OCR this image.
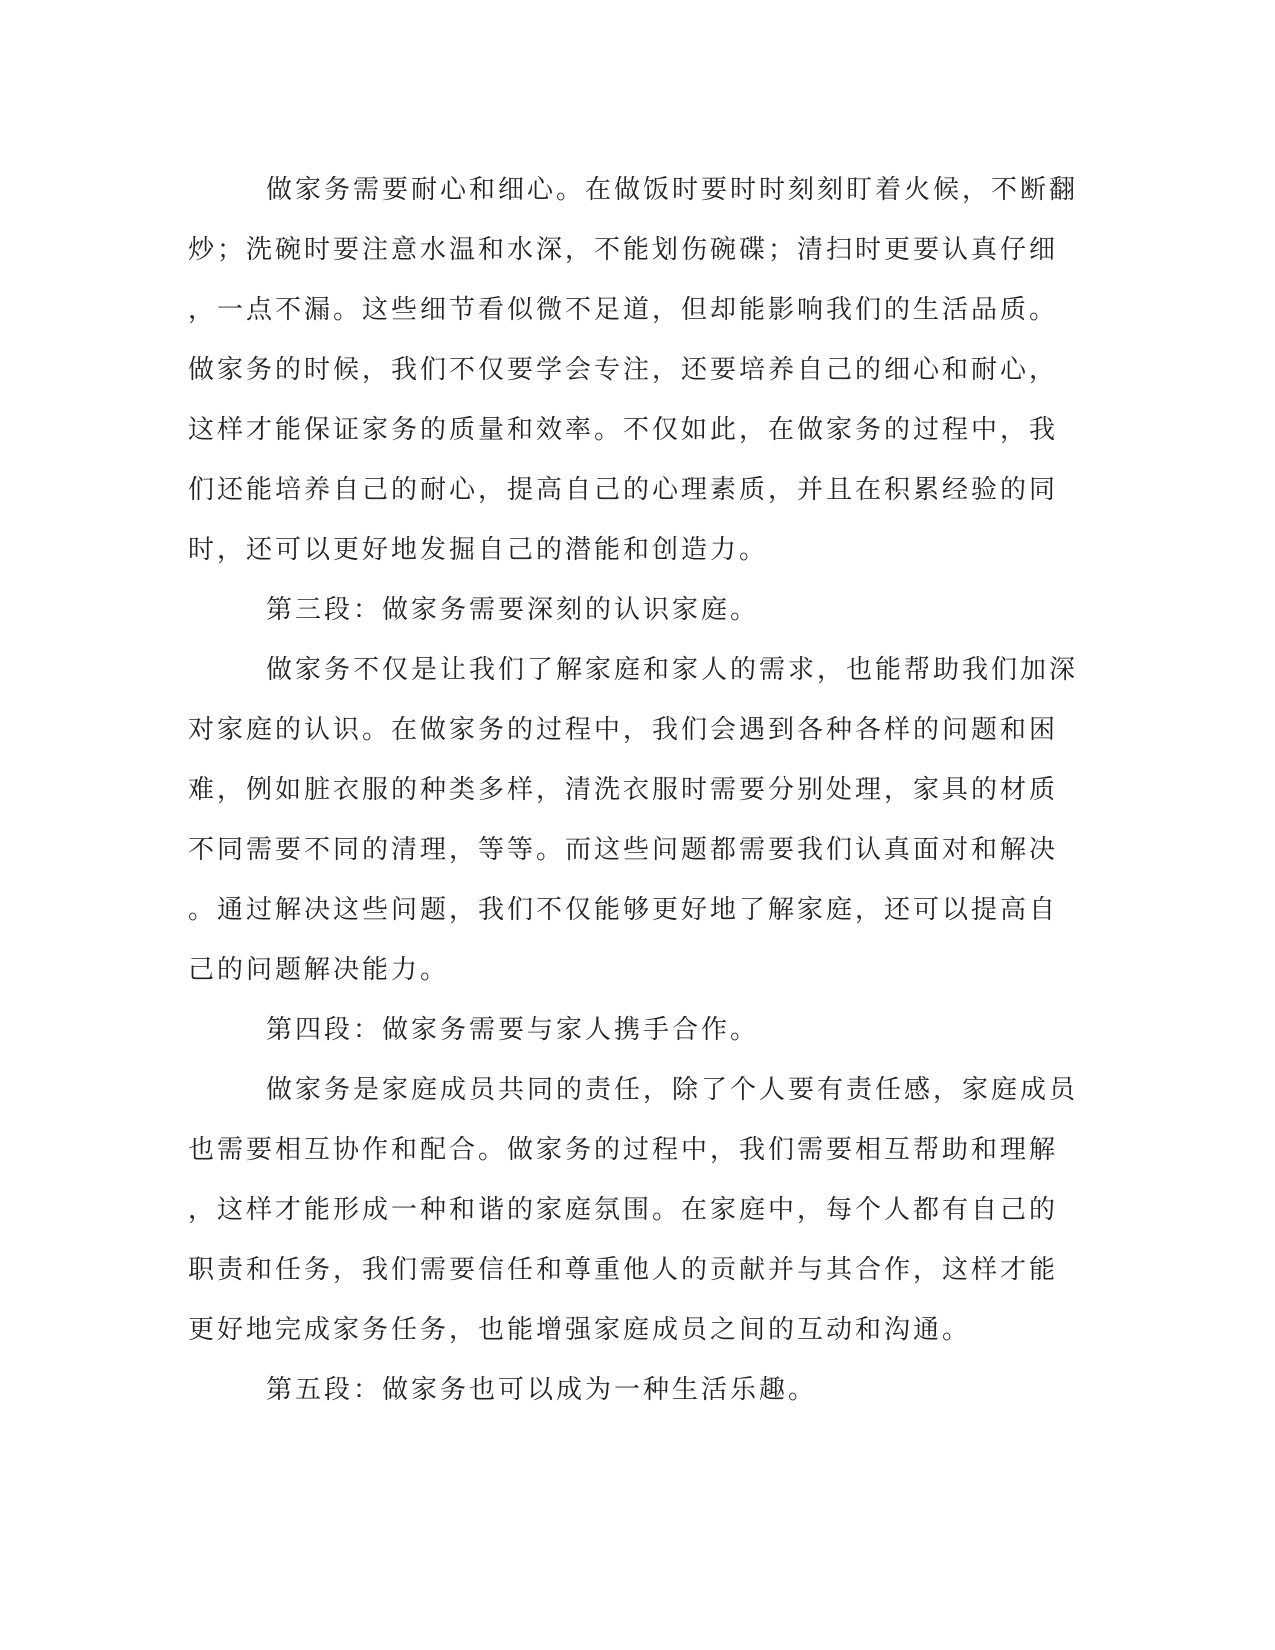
做家务需要耐心和细心。在做饭时要时时刻刻盯着火候，不断翻
炒；洗碗时要注意水温和水深，不能划伤碗碟；清扫时更要认真仔细
，一点不漏。这些细节看似微不足道，但却能影响我们的生活品质。
做家务的时候，我们不仅要学会专注，还要培养自己的细心和耐心，
这样才能保证家务的质量和效率。不仅如此，在做家务的过程中，我
们还能培养自己的耐心，提高自己的心理素质，并且在积累经验的同
时，还可以更好地发掘自己的潜能和创造力。
第三段：做家务需要深刻的认识家庭。
做家务不仅是让我们了解家庭和家人的需求，也能帮助我们加深
对家庭的认识。在做家务的过程中，我们会遇到各种各样的问题和困
难，例如脏衣服的种类多样，清洗衣服时需要分别处理，家具的材质
不同需要不同的清理，等等。而这些问题都需要我们认真面对和解决
。通过解决这些问题，我们不仅能够更好地了解家庭，还可以提高自
己的问题解决能力。
第四段：做家务需要与家人携手合作。
做家务是家庭成员共同的责任，除了个人要有责任感，家庭成员
也需要相互协作和配合。做家务的过程中，我们需要相互帮助和理解
，这样才能形成一种和谐的家庭氛围。在家庭中，每个人都有自己的
职责和任务，我们需要信任和尊重他人的贡献并与其合作，这样才能
更好地完成家务任务，也能增强家庭成员之间的互动和沟通。
第五段：做家务也可以成为一种生活乐趣。
